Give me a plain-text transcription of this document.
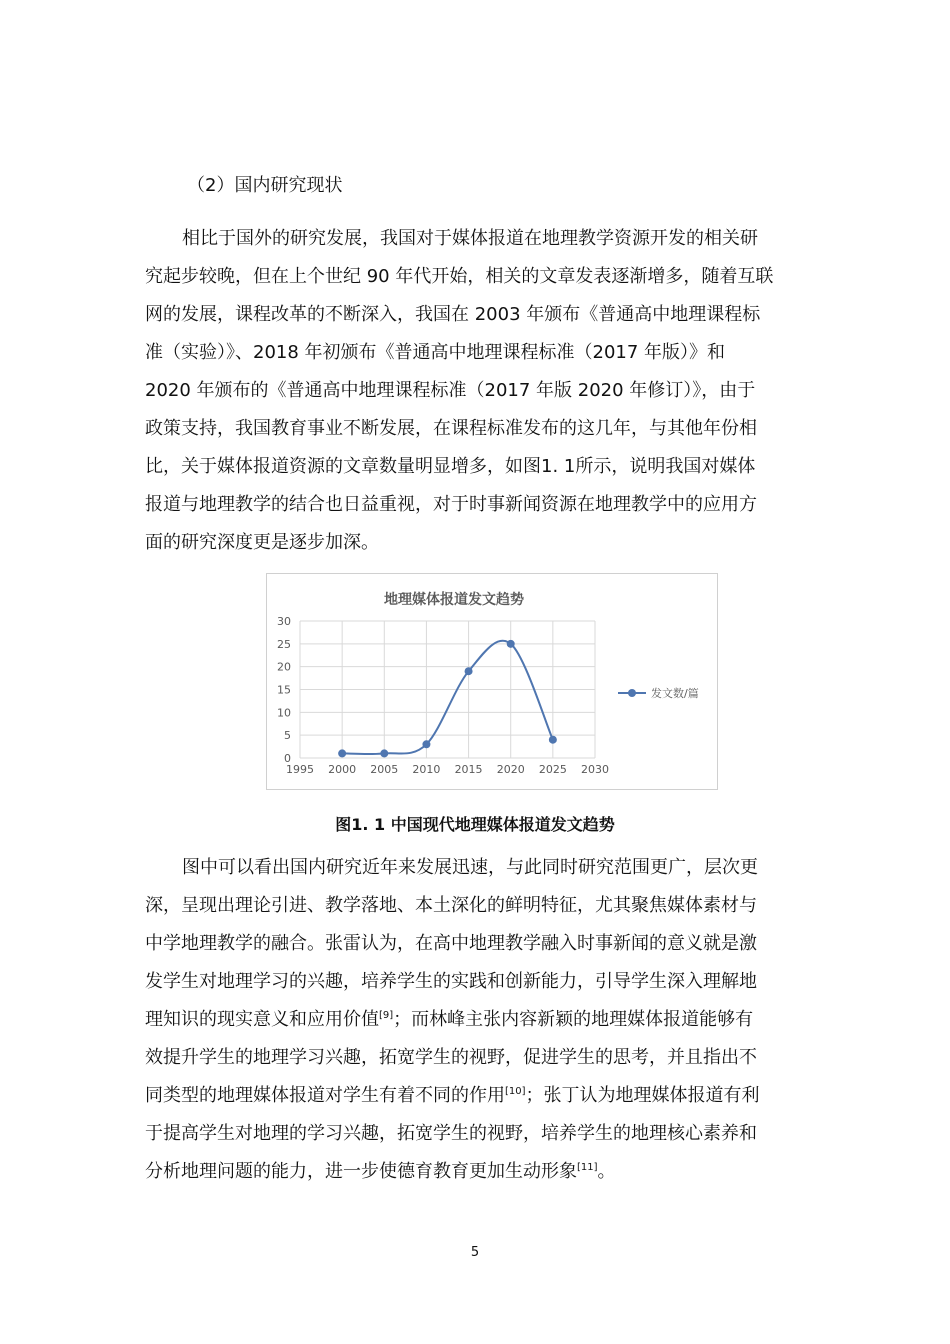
（2）国内研究现状
相比于国外的研究发展，我国对于媒体报道在地理教学资源开发的相关研
究起步较晚，但在上个世纪 90 年代开始，相关的文章发表逐渐增多，随着互联
网的发展，课程改革的不断深入，我国在 2003 年颁布《普通高中地理课程标
准（实验）》、2018 年初颁布《普通高中地理课程标准（2017 年版）》和
2020 年颁布的《普通高中地理课程标准（2017 年版 2020 年修订）》，由于
政策支持，我国教育事业不断发展，在课程标准发布的这几年，与其他年份相
比，关于媒体报道资源的文章数量明显增多，如图1. 1所示，说明我国对媒体
报道与地理教学的结合也日益重视，对于时事新闻资源在地理教学中的应用方
面的研究深度更是逐步加深。
地理媒体报道发文趋势
0
5
10
15
20
25
30
1995 2000 2005 2010 2015 2020 2025 2030
发文数/篇
图1. 1 中国现代地理媒体报道发文趋势
图中可以看出国内研究近年来发展迅速，与此同时研究范围更广，层次更
深，呈现出理论引进、教学落地、本土深化的鲜明特征，尤其聚焦媒体素材与
中学地理教学的融合。张雷认为，在高中地理教学融入时事新闻的意义就是激
发学生对地理学习的兴趣，培养学生的实践和创新能力，引导学生深入理解地
理知识的现实意义和应用价值[9]；而林峰主张内容新颖的地理媒体报道能够有
效提升学生的地理学习兴趣，拓宽学生的视野，促进学生的思考，并且指出不
同类型的地理媒体报道对学生有着不同的作用[10]；张丁认为地理媒体报道有利
于提高学生对地理的学习兴趣，拓宽学生的视野，培养学生的地理核心素养和
分析地理问题的能力，进一步使德育教育更加生动形象[11]。
5
